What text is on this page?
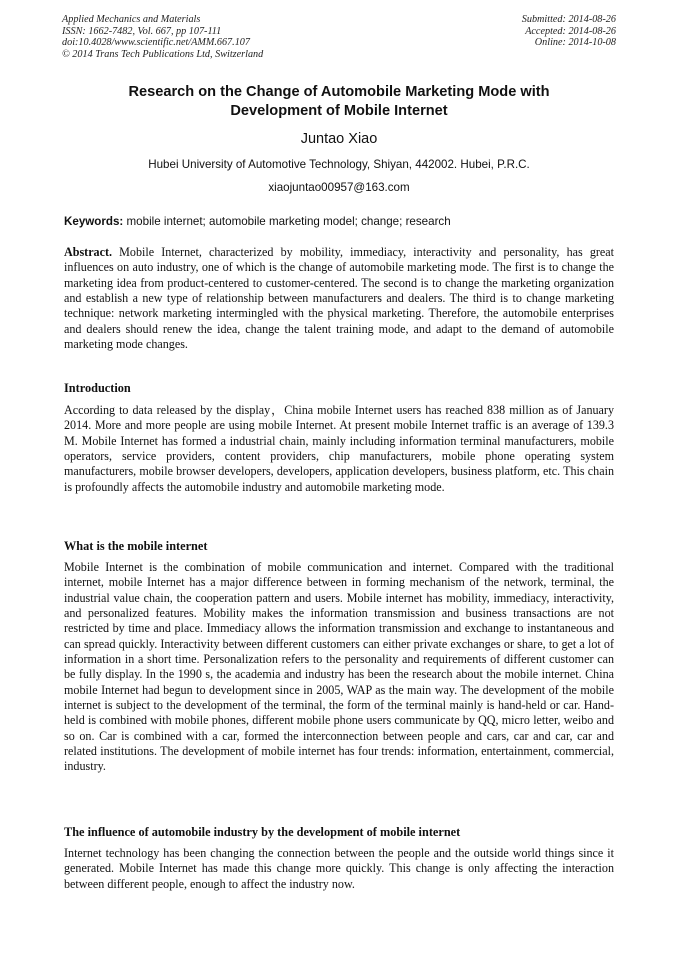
Applied Mechanics and Materials
ISSN: 1662-7482, Vol. 667, pp 107-111
doi:10.4028/www.scientific.net/AMM.667.107
© 2014 Trans Tech Publications Ltd, Switzerland
Submitted: 2014-08-26
Accepted: 2014-08-26
Online: 2014-10-08
Research on the Change of Automobile Marketing Mode with
Development of Mobile Internet
Juntao Xiao
Hubei University of Automotive Technology, Shiyan, 442002. Hubei, P.R.C.
xiaojuntao00957@163.com
Keywords: mobile internet; automobile marketing model; change; research
Abstract. Mobile Internet, characterized by mobility, immediacy, interactivity and personality, has great influences on auto industry, one of which is the change of automobile marketing mode. The first is to change the marketing idea from product-centered to customer-centered. The second is to change the marketing organization and establish a new type of relationship between manufacturers and dealers. The third is to change marketing technique: network marketing intermingled with the physical marketing. Therefore, the automobile enterprises and dealers should renew the idea, change the talent training mode, and adapt to the demand of automobile marketing mode changes.
Introduction
According to data released by the display，China mobile Internet users has reached 838 million as of January 2014. More and more people are using mobile Internet. At present mobile Internet traffic is an average of 139.3 M. Mobile Internet has formed a industrial chain, mainly including information terminal manufacturers, mobile operators, service providers, content providers, chip manufacturers, mobile phone operating system manufacturers, mobile browser developers, developers, application developers, business platform, etc. This chain is profoundly affects the automobile industry and automobile marketing mode.
What is the mobile internet
Mobile Internet is the combination of mobile communication and internet. Compared with the traditional internet, mobile Internet has a major difference between in forming mechanism of the network, terminal, the industrial value chain, the cooperation pattern and users. Mobile internet has mobility, immediacy, interactivity, and personalized features. Mobility makes the information transmission and business transactions are not restricted by time and place. Immediacy allows the information transmission and exchange to instantaneous and can spread quickly. Interactivity between different customers can either private exchanges or share, to get a lot of information in a short time. Personalization refers to the personality and requirements of different customer can be fully display. In the 1990 s, the academia and industry has been the research about the mobile internet. China mobile Internet had begun to development since in 2005, WAP as the main way. The development of the mobile internet is subject to the development of the terminal, the form of the terminal mainly is hand-held or car. Hand-held is combined with mobile phones, different mobile phone users communicate by QQ, micro letter, weibo and so on. Car is combined with a car, formed the interconnection between people and cars, car and car, car and related institutions. The development of mobile internet has four trends: information, entertainment, commercial, industry.
The influence of automobile industry by the development of mobile internet
Internet technology has been changing the connection between the people and the outside world things since it generated. Mobile Internet has made this change more quickly. This change is only affecting the interaction between different people, enough to affect the industry now.
